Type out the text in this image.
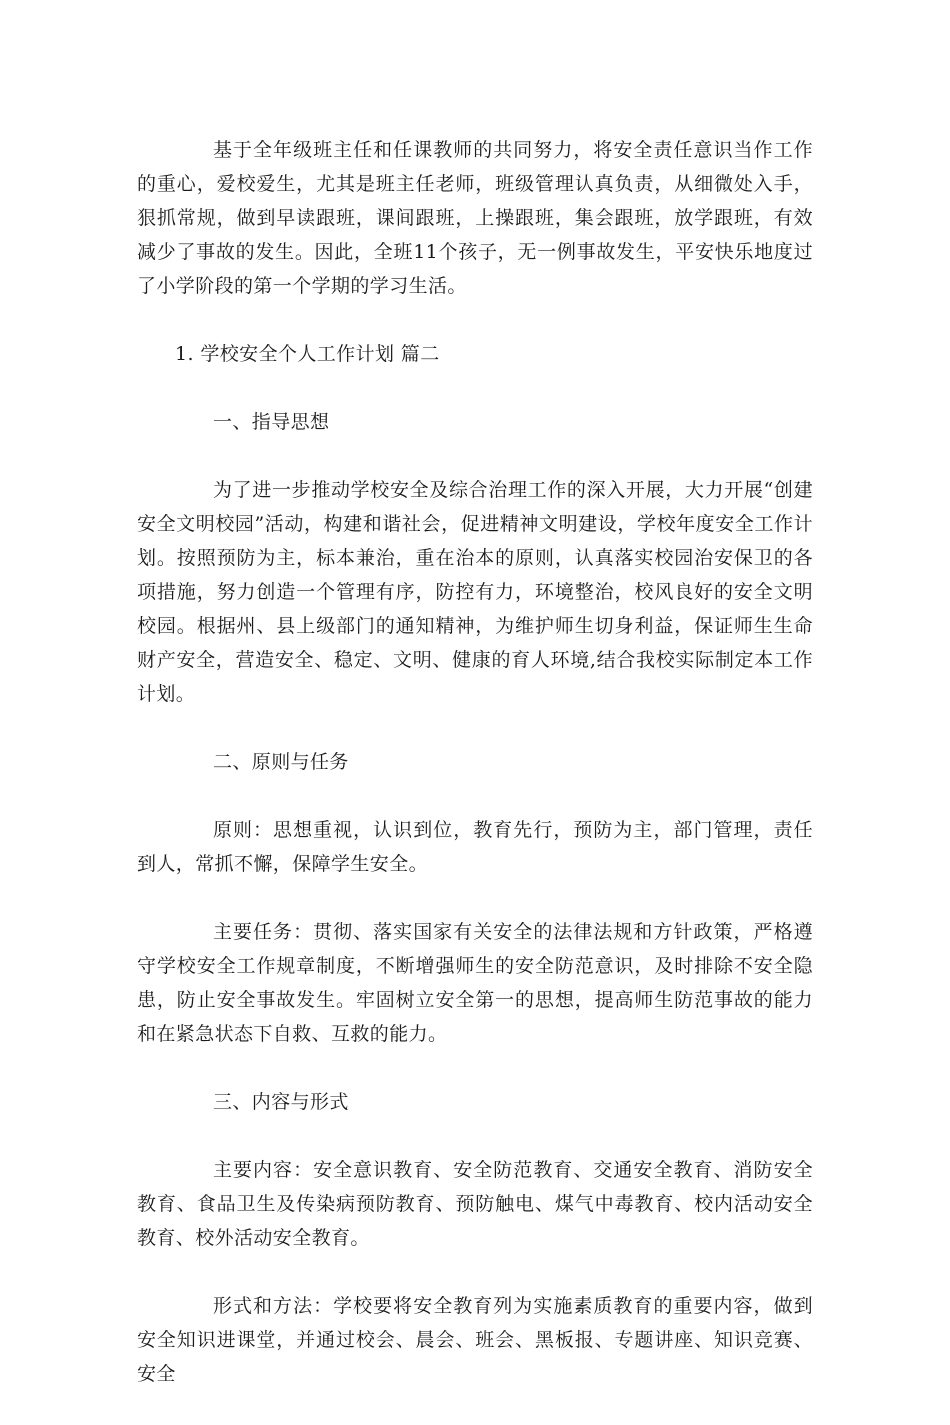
基于全年级班主任和任课教师的共同努力，将安全责任意识当作工作的重心，爱校爱生，尤其是班主任老师，班级管理认真负责，从细微处入手，狠抓常规，做到早读跟班，课间跟班，上操跟班，集会跟班，放学跟班，有效减少了事故的发生。因此，全班11个孩子，无一例事故发生，平安快乐地度过了小学阶段的第一个学期的学习生活。

1. 学校安全个人工作计划 篇二

一、指导思想

为了进一步推动学校安全及综合治理工作的深入开展，大力开展“创建安全文明校园”活动，构建和谐社会，促进精神文明建设，学校年度安全工作计划。按照预防为主，标本兼治，重在治本的原则，认真落实校园治安保卫的各项措施，努力创造一个管理有序，防控有力，环境整治，校风良好的安全文明校园。根据州、县上级部门的通知精神，为维护师生切身利益，保证师生生命财产安全，营造安全、稳定、文明、健康的育人环境,结合我校实际制定本工作计划。

二、原则与任务

原则：思想重视，认识到位，教育先行，预防为主，部门管理，责任到人，常抓不懈，保障学生安全。

主要任务：贯彻、落实国家有关安全的法律法规和方针政策，严格遵守学校安全工作规章制度，不断增强师生的安全防范意识，及时排除不安全隐患，防止安全事故发生。牢固树立安全第一的思想，提高师生防范事故的能力和在紧急状态下自救、互救的能力。

三、内容与形式

主要内容：安全意识教育、安全防范教育、交通安全教育、消防安全教育、食品卫生及传染病预防教育、预防触电、煤气中毒教育、校内活动安全教育、校外活动安全教育。

形式和方法：学校要将安全教育列为实施素质教育的重要内容，做到安全知识进课堂，并通过校会、晨会、班会、黑板报、专题讲座、知识竞赛、安全
